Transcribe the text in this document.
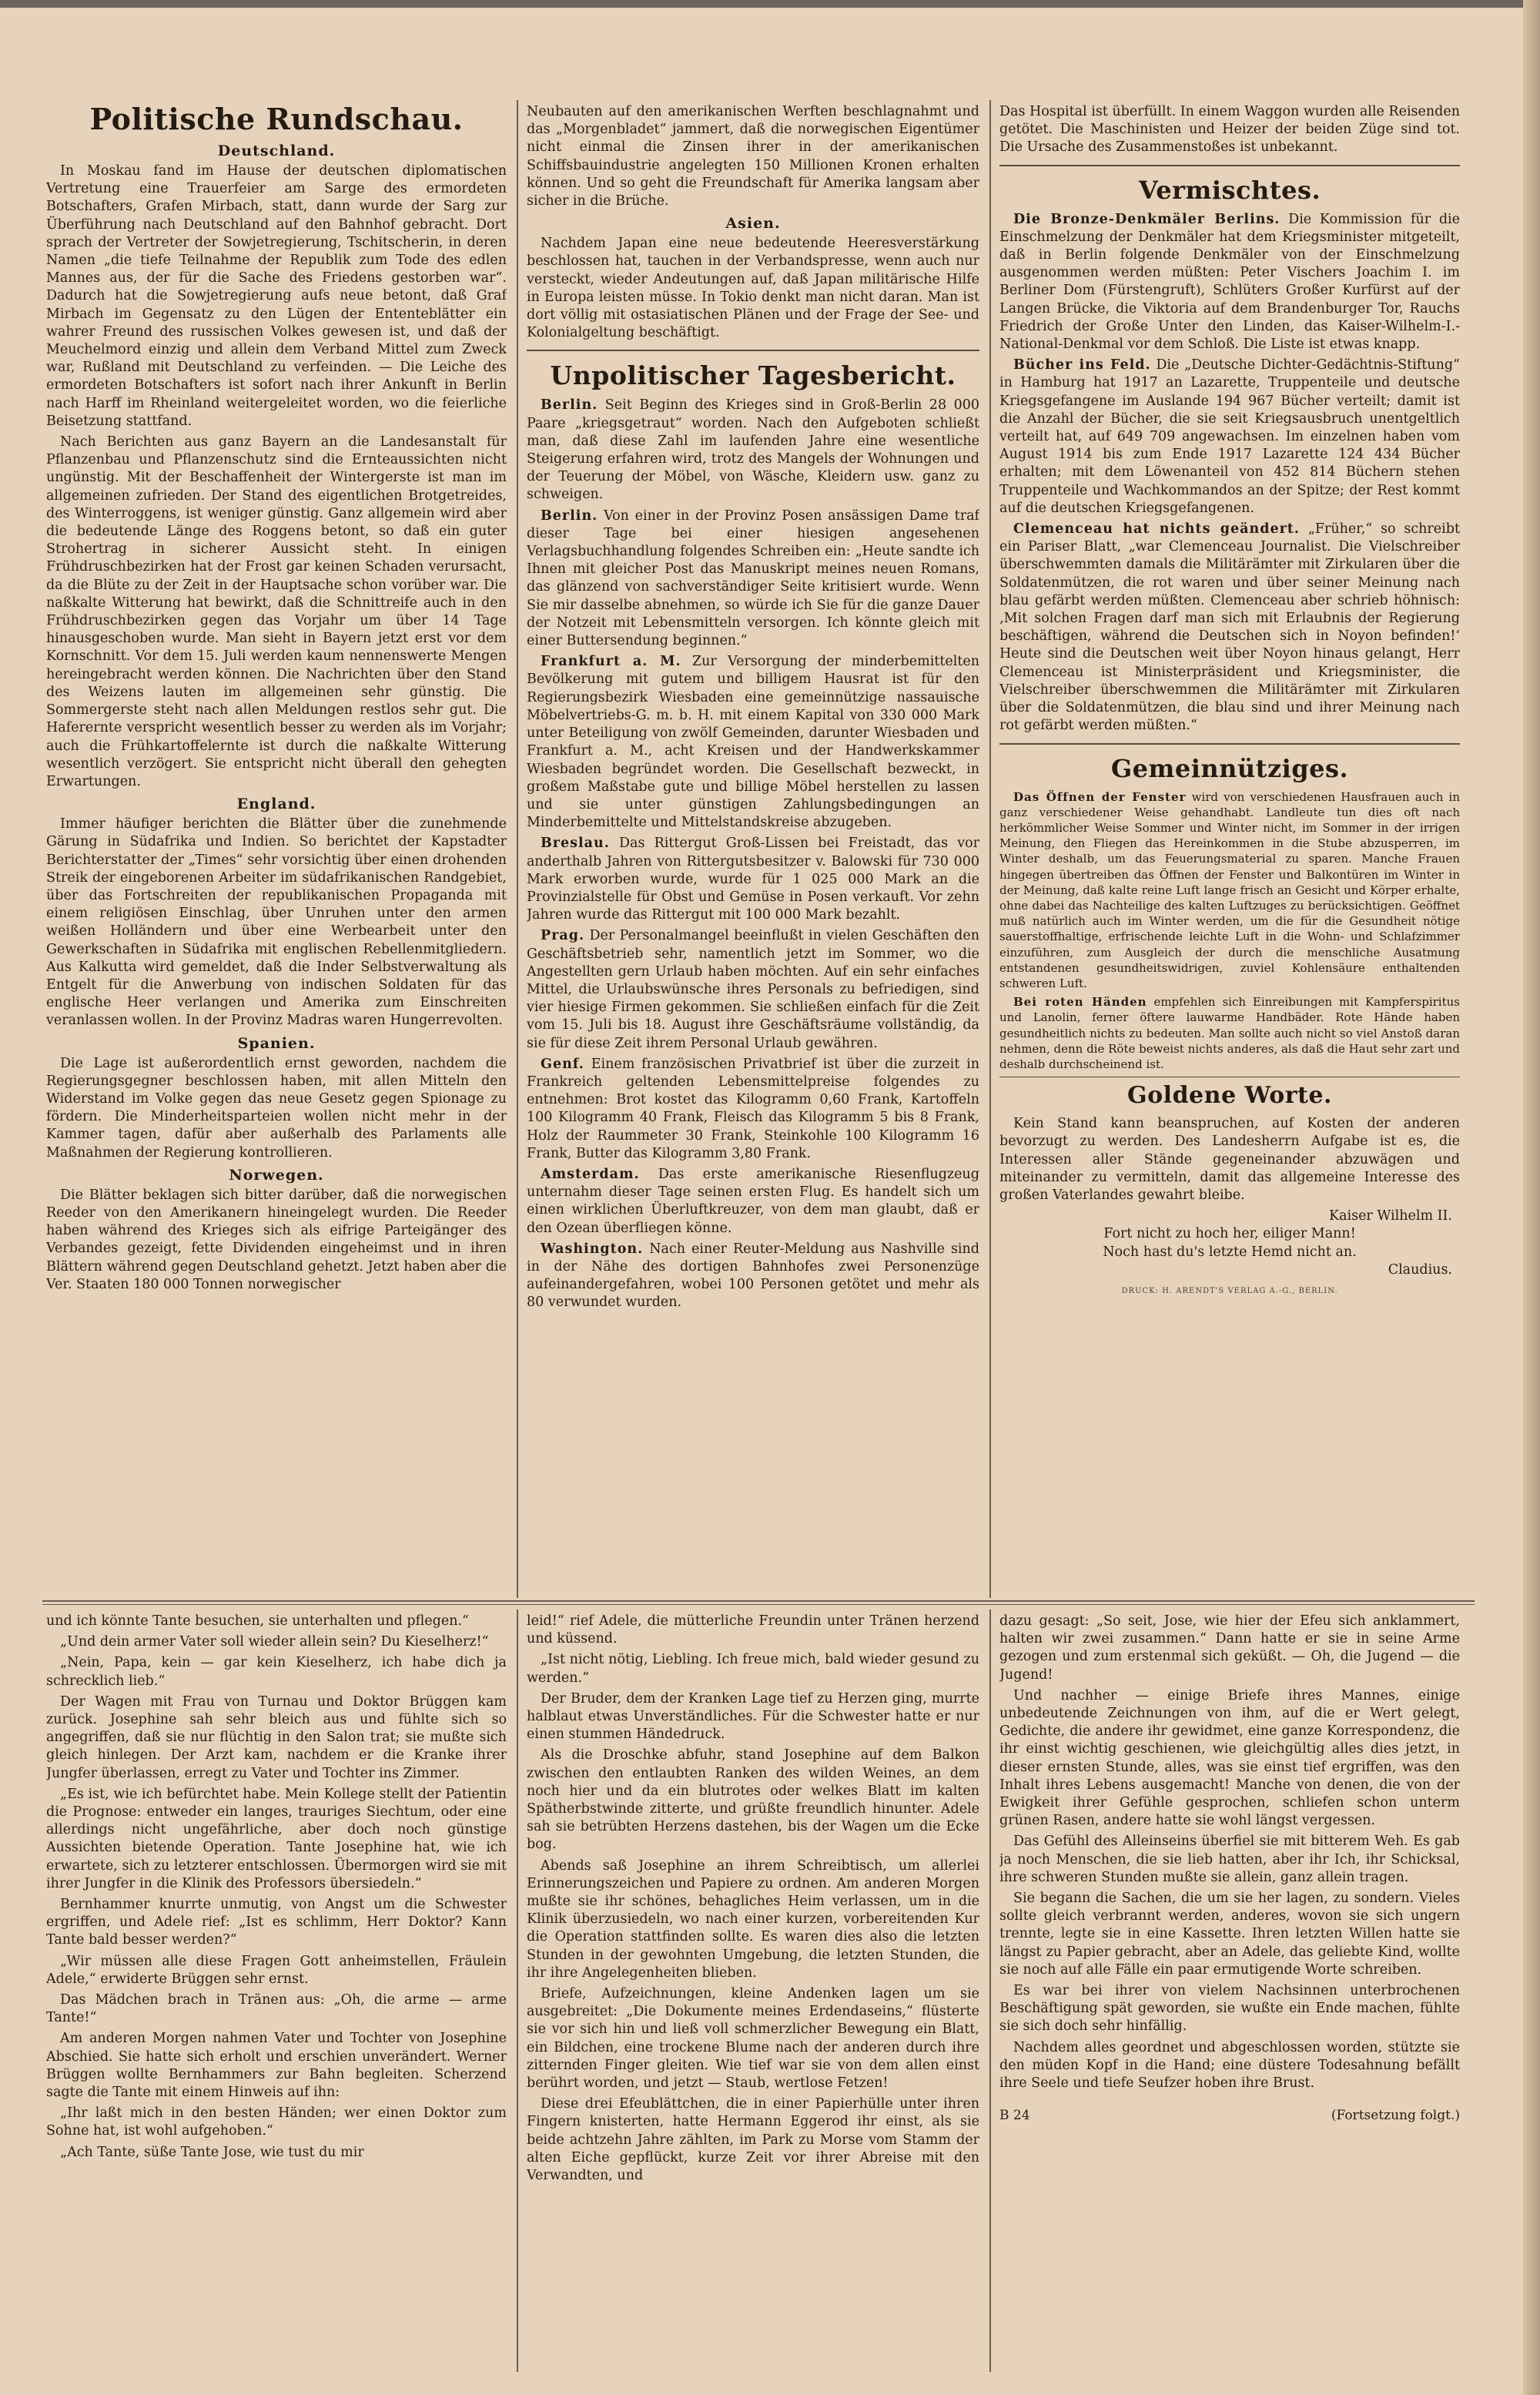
Politische Rundschau.
Deutschland.

In Moskau fand im Hause der deutschen diplomatischen Vertretung eine Trauerfeier am Sarge des ermordeten Botschafters, Grafen Mirbach, statt, dann wurde der Sarg zur Überführung nach Deutschland auf den Bahnhof gebracht. Dort sprach der Vertreter der Sowjetregierung, Tschitscherin, in deren Namen „die tiefe Teilnahme der Republik zum Tode des edlen Mannes aus, der für die Sache des Friedens gestorben war“. Dadurch hat die Sowjetregierung aufs neue betont, daß Graf Mirbach im Gegensatz zu den Lügen der Ententeblätter ein wahrer Freund des russischen Volkes gewesen ist, und daß der Meuchelmord einzig und allein dem Verband Mittel zum Zweck war, Rußland mit Deutschland zu verfeinden. — Die Leiche des ermordeten Botschafters ist sofort nach ihrer Ankunft in Berlin nach Harff im Rheinland weitergeleitet worden, wo die feierliche Beisetzung stattfand.

Nach Berichten aus ganz Bayern an die Landesanstalt für Pflanzenbau und Pflanzenschutz sind die Ernteaussichten nicht ungünstig. Mit der Beschaffenheit der Wintergerste ist man im allgemeinen zufrieden. Der Stand des eigentlichen Brotgetreides, des Winterroggens, ist weniger günstig. Ganz allgemein wird aber die bedeutende Länge des Roggens betont, so daß ein guter Strohertrag in sicherer Aussicht steht. In einigen Frühdruschbezirken hat der Frost gar keinen Schaden verursacht, da die Blüte zu der Zeit in der Hauptsache schon vorüber war. Die naßkalte Witterung hat bewirkt, daß die Schnittreife auch in den Frühdruschbezirken gegen das Vorjahr um über 14 Tage hinausgeschoben wurde. Man sieht in Bayern jetzt erst vor dem Kornschnitt. Vor dem 15. Juli werden kaum nennenswerte Mengen hereingebracht werden können. Die Nachrichten über den Stand des Weizens lauten im allgemeinen sehr günstig. Die Sommergerste steht nach allen Meldungen restlos sehr gut. Die Haferernte verspricht wesentlich besser zu werden als im Vorjahr; auch die Frühkartoffelernte ist durch die naßkalte Witterung wesentlich verzögert. Sie entspricht nicht überall den gehegten Erwartungen.

England.

Immer häufiger berichten die Blätter über die zunehmende Gärung in Südafrika und Indien. So berichtet der Kapstadter Berichterstatter der „Times“ sehr vorsichtig über einen drohenden Streik der eingeborenen Arbeiter im südafrikanischen Randgebiet, über das Fortschreiten der republikanischen Propaganda mit einem religiösen Einschlag, über Unruhen unter den armen weißen Holländern und über eine Werbearbeit unter den Gewerkschaften in Südafrika mit englischen Rebellenmitgliedern. Aus Kalkutta wird gemeldet, daß die Inder Selbstverwaltung als Entgelt für die Anwerbung von indischen Soldaten für das englische Heer verlangen und Amerika zum Einschreiten veranlassen wollen. In der Provinz Madras waren Hungerrevolten.

Spanien.

Die Lage ist außerordentlich ernst geworden, nachdem die Regierungsgegner beschlossen haben, mit allen Mitteln den Widerstand im Volke gegen das neue Gesetz gegen Spionage zu fördern. Die Minderheitsparteien wollen nicht mehr in der Kammer tagen, dafür aber außerhalb des Parlaments alle Maßnahmen der Regierung kontrollieren.

Norwegen.

Die Blätter beklagen sich bitter darüber, daß die norwegischen Reeder von den Amerikanern hineingelegt wurden. Die Reeder haben während des Krieges sich als eifrige Parteigänger des Verbandes gezeigt, fette Dividenden eingeheimst und in ihren Blättern während gegen Deutschland gehetzt. Jetzt haben aber die Ver. Staaten 180 000 Tonnen norwegischer

Neubauten auf den amerikanischen Werften beschlagnahmt und das „Morgenbladet“ jammert, daß die norwegischen Eigentümer nicht einmal die Zinsen ihrer in der amerikanischen Schiffsbauindustrie angelegten 150 Millionen Kronen erhalten können. Und so geht die Freundschaft für Amerika langsam aber sicher in die Brüche.

Asien.

Nachdem Japan eine neue bedeutende Heeresverstärkung beschlossen hat, tauchen in der Verbandspresse, wenn auch nur versteckt, wieder Andeutungen auf, daß Japan militärische Hilfe in Europa leisten müsse. In Tokio denkt man nicht daran. Man ist dort völlig mit ostasiatischen Plänen und der Frage der See- und Kolonialgeltung beschäftigt.

Unpolitischer Tagesbericht.

Berlin. Seit Beginn des Krieges sind in Groß-Berlin 28 000 Paare „kriegsgetraut“ worden. Nach den Aufgeboten schließt man, daß diese Zahl im laufenden Jahre eine wesentliche Steigerung erfahren wird, trotz des Mangels der Wohnungen und der Teuerung der Möbel, von Wäsche, Kleidern usw. ganz zu schweigen.

Berlin. Von einer in der Provinz Posen ansässigen Dame traf dieser Tage bei einer hiesigen angesehenen Verlagsbuchhandlung folgendes Schreiben ein: „Heute sandte ich Ihnen mit gleicher Post das Manuskript meines neuen Romans, das glänzend von sachverständiger Seite kritisiert wurde. Wenn Sie mir dasselbe abnehmen, so würde ich Sie für die ganze Dauer der Notzeit mit Lebensmitteln versorgen. Ich könnte gleich mit einer Buttersendung beginnen.“

Frankfurt a. M. Zur Versorgung der minderbemittelten Bevölkerung mit gutem und billigem Hausrat ist für den Regierungsbezirk Wiesbaden eine gemeinnützige nassauische Möbelvertriebs-G. m. b. H. mit einem Kapital von 330 000 Mark unter Beteiligung von zwölf Gemeinden, darunter Wiesbaden und Frankfurt a. M., acht Kreisen und der Handwerkskammer Wiesbaden begründet worden. Die Gesellschaft bezweckt, in großem Maßstabe gute und billige Möbel herstellen zu lassen und sie unter günstigen Zahlungsbedingungen an Minderbemittelte und Mittelstandskreise abzugeben.

Breslau. Das Rittergut Groß-Lissen bei Freistadt, das vor anderthalb Jahren von Rittergutsbesitzer v. Balowski für 730 000 Mark erworben wurde, wurde für 1 025 000 Mark an die Provinzialstelle für Obst und Gemüse in Posen verkauft. Vor zehn Jahren wurde das Rittergut mit 100 000 Mark bezahlt.

Prag. Der Personalmangel beeinflußt in vielen Geschäften den Geschäftsbetrieb sehr, namentlich jetzt im Sommer, wo die Angestellten gern Urlaub haben möchten. Auf ein sehr einfaches Mittel, die Urlaubswünsche ihres Personals zu befriedigen, sind vier hiesige Firmen gekommen. Sie schließen einfach für die Zeit vom 15. Juli bis 18. August ihre Geschäftsräume vollständig, da sie für diese Zeit ihrem Personal Urlaub gewähren.

Genf. Einem französischen Privatbrief ist über die zurzeit in Frankreich geltenden Lebensmittelpreise folgendes zu entnehmen: Brot kostet das Kilogramm 0,60 Frank, Kartoffeln 100 Kilogramm 40 Frank, Fleisch das Kilogramm 5 bis 8 Frank, Holz der Raummeter 30 Frank, Steinkohle 100 Kilogramm 16 Frank, Butter das Kilogramm 3,80 Frank.

Amsterdam. Das erste amerikanische Riesenflugzeug unternahm dieser Tage seinen ersten Flug. Es handelt sich um einen wirklichen Überluftkreuzer, von dem man glaubt, daß er den Ozean überfliegen könne.

Washington. Nach einer Reuter-Meldung aus Nashville sind in der Nähe des dortigen Bahnhofes zwei Personenzüge aufeinandergefahren, wobei 100 Personen getötet und mehr als 80 verwundet wurden.

Das Hospital ist überfüllt. In einem Waggon wurden alle Reisenden getötet. Die Maschinisten und Heizer der beiden Züge sind tot. Die Ursache des Zusammenstoßes ist unbekannt.

Vermischtes.

Die Bronze-Denkmäler Berlins. Die Kommission für die Einschmelzung der Denkmäler hat dem Kriegsminister mitgeteilt, daß in Berlin folgende Denkmäler von der Einschmelzung ausgenommen werden müßten: Peter Vischers Joachim I. im Berliner Dom (Fürstengruft), Schlüters Großer Kurfürst auf der Langen Brücke, die Viktoria auf dem Brandenburger Tor, Rauchs Friedrich der Große Unter den Linden, das Kaiser-Wilhelm-I.-National-Denkmal vor dem Schloß. Die Liste ist etwas knapp.

Bücher ins Feld. Die „Deutsche Dichter-Gedächtnis-Stiftung“ in Hamburg hat 1917 an Lazarette, Truppenteile und deutsche Kriegsgefangene im Auslande 194 967 Bücher verteilt; damit ist die Anzahl der Bücher, die sie seit Kriegsausbruch unentgeltlich verteilt hat, auf 649 709 angewachsen. Im einzelnen haben vom August 1914 bis zum Ende 1917 Lazarette 124 434 Bücher erhalten; mit dem Löwenanteil von 452 814 Büchern stehen Truppenteile und Wachkommandos an der Spitze; der Rest kommt auf die deutschen Kriegsgefangenen.

Clemenceau hat nichts geändert. „Früher,“ so schreibt ein Pariser Blatt, „war Clemenceau Journalist. Die Vielschreiber überschwemmten damals die Militärämter mit Zirkularen über die Soldatenmützen, die rot waren und über seiner Meinung nach blau gefärbt werden müßten. Clemenceau aber schrieb höhnisch: ‚Mit solchen Fragen darf man sich mit Erlaubnis der Regierung beschäftigen, während die Deutschen sich in Noyon befinden!‘ Heute sind die Deutschen weit über Noyon hinaus gelangt, Herr Clemenceau ist Ministerpräsident und Kriegsminister, die Vielschreiber überschwemmen die Militärämter mit Zirkularen über die Soldatenmützen, die blau sind und ihrer Meinung nach rot gefärbt werden müßten.“

Gemeinnütziges.

Das Öffnen der Fenster wird von verschiedenen Hausfrauen auch in ganz verschiedener Weise gehandhabt. Landleute tun dies oft nach herkömmlicher Weise Sommer und Winter nicht, im Sommer in der irrigen Meinung, den Fliegen das Hereinkommen in die Stube abzusperren, im Winter deshalb, um das Feuerungsmaterial zu sparen. Manche Frauen hingegen übertreiben das Öffnen der Fenster und Balkontüren im Winter in der Meinung, daß kalte reine Luft lange frisch an Gesicht und Körper erhalte, ohne dabei das Nachteilige des kalten Luftzuges zu berücksichtigen. Geöffnet muß natürlich auch im Winter werden, um die für die Gesundheit nötige sauerstoffhaltige, erfrischende leichte Luft in die Wohn- und Schlafzimmer einzuführen, zum Ausgleich der durch die menschliche Ausatmung entstandenen gesundheitswidrigen, zuviel Kohlensäure enthaltenden schweren Luft.

Bei roten Händen empfehlen sich Einreibungen mit Kampferspiritus und Lanolin, ferner öftere lauwarme Handbäder. Rote Hände haben gesundheitlich nichts zu bedeuten. Man sollte auch nicht so viel Anstoß daran nehmen, denn die Röte beweist nichts anderes, als daß die Haut sehr zart und deshalb durchscheinend ist.

Goldene Worte.

Kein Stand kann beanspruchen, auf Kosten der anderen bevorzugt zu werden. Des Landesherrn Aufgabe ist es, die Interessen aller Stände gegeneinander abzuwägen und miteinander zu vermitteln, damit das allgemeine Interesse des großen Vaterlandes gewahrt bleibe.

Kaiser Wilhelm II.
Fort nicht zu hoch her, eiliger Mann!
Noch hast du's letzte Hemd nicht an.
Claudius.
DRUCK: H. ARENDT'S VERLAG A.-G., BERLIN.

und ich könnte Tante besuchen, sie unterhalten und pflegen.“

„Und dein armer Vater soll wieder allein sein? Du Kieselherz!“

„Nein, Papa, kein — gar kein Kieselherz, ich habe dich ja schrecklich lieb.“

Der Wagen mit Frau von Turnau und Doktor Brüggen kam zurück. Josephine sah sehr bleich aus und fühlte sich so angegriffen, daß sie nur flüchtig in den Salon trat; sie mußte sich gleich hinlegen. Der Arzt kam, nachdem er die Kranke ihrer Jungfer überlassen, erregt zu Vater und Tochter ins Zimmer.

„Es ist, wie ich befürchtet habe. Mein Kollege stellt der Patientin die Prognose: entweder ein langes, trauriges Siechtum, oder eine allerdings nicht ungefährliche, aber doch noch günstige Aussichten bietende Operation. Tante Josephine hat, wie ich erwartete, sich zu letzterer entschlossen. Übermorgen wird sie mit ihrer Jungfer in die Klinik des Professors übersiedeln.“

Bernhammer knurrte unmutig, von Angst um die Schwester ergriffen, und Adele rief: „Ist es schlimm, Herr Doktor? Kann Tante bald besser werden?“

„Wir müssen alle diese Fragen Gott anheimstellen, Fräulein Adele,“ erwiderte Brüggen sehr ernst.

Das Mädchen brach in Tränen aus: „Oh, die arme — arme Tante!“

Am anderen Morgen nahmen Vater und Tochter von Josephine Abschied. Sie hatte sich erholt und erschien unverändert. Werner Brüggen wollte Bernhammers zur Bahn begleiten. Scherzend sagte die Tante mit einem Hinweis auf ihn:

„Ihr laßt mich in den besten Händen; wer einen Doktor zum Sohne hat, ist wohl aufgehoben.“

„Ach Tante, süße Tante Jose, wie tust du mir

leid!“ rief Adele, die mütterliche Freundin unter Tränen herzend und küssend.

„Ist nicht nötig, Liebling. Ich freue mich, bald wieder gesund zu werden.“

Der Bruder, dem der Kranken Lage tief zu Herzen ging, murrte halblaut etwas Unverständliches. Für die Schwester hatte er nur einen stummen Händedruck.

Als die Droschke abfuhr, stand Josephine auf dem Balkon zwischen den entlaubten Ranken des wilden Weines, an dem noch hier und da ein blutrotes oder welkes Blatt im kalten Spätherbstwinde zitterte, und grüßte freundlich hinunter. Adele sah sie betrübten Herzens dastehen, bis der Wagen um die Ecke bog.

Abends saß Josephine an ihrem Schreibtisch, um allerlei Erinnerungszeichen und Papiere zu ordnen. Am anderen Morgen mußte sie ihr schönes, behagliches Heim verlassen, um in die Klinik überzusiedeln, wo nach einer kurzen, vorbereitenden Kur die Operation stattfinden sollte. Es waren dies also die letzten Stunden in der gewohnten Umgebung, die letzten Stunden, die ihr ihre Angelegenheiten blieben.

Briefe, Aufzeichnungen, kleine Andenken lagen um sie ausgebreitet: „Die Dokumente meines Erdendaseins,“ flüsterte sie vor sich hin und ließ voll schmerzlicher Bewegung ein Blatt, ein Bildchen, eine trockene Blume nach der anderen durch ihre zitternden Finger gleiten. Wie tief war sie von dem allen einst berührt worden, und jetzt — Staub, wertlose Fetzen!

Diese drei Efeublättchen, die in einer Papierhülle unter ihren Fingern knisterten, hatte Hermann Eggerod ihr einst, als sie beide achtzehn Jahre zählten, im Park zu Morse vom Stamm der alten Eiche gepflückt, kurze Zeit vor ihrer Abreise mit den Verwandten, und

dazu gesagt: „So seit, Jose, wie hier der Efeu sich anklammert, halten wir zwei zusammen.“ Dann hatte er sie in seine Arme gezogen und zum erstenmal sich geküßt. — Oh, die Jugend — die Jugend!

Und nachher — einige Briefe ihres Mannes, einige unbedeutende Zeichnungen von ihm, auf die er Wert gelegt, Gedichte, die andere ihr gewidmet, eine ganze Korrespondenz, die ihr einst wichtig geschienen, wie gleichgültig alles dies jetzt, in dieser ernsten Stunde, alles, was sie einst tief ergriffen, was den Inhalt ihres Lebens ausgemacht! Manche von denen, die von der Ewigkeit ihrer Gefühle gesprochen, schliefen schon unterm grünen Rasen, andere hatte sie wohl längst vergessen.

Das Gefühl des Alleinseins überfiel sie mit bitterem Weh. Es gab ja noch Menschen, die sie lieb hatten, aber ihr Ich, ihr Schicksal, ihre schweren Stunden mußte sie allein, ganz allein tragen.

Sie begann die Sachen, die um sie her lagen, zu sondern. Vieles sollte gleich verbrannt werden, anderes, wovon sie sich ungern trennte, legte sie in eine Kassette. Ihren letzten Willen hatte sie längst zu Papier gebracht, aber an Adele, das geliebte Kind, wollte sie noch auf alle Fälle ein paar ermutigende Worte schreiben.

Es war bei ihrer von vielem Nachsinnen unterbrochenen Beschäftigung spät geworden, sie wußte ein Ende machen, fühlte sie sich doch sehr hinfällig.

Nachdem alles geordnet und abgeschlossen worden, stützte sie den müden Kopf in die Hand; eine düstere Todesahnung befällt ihre Seele und tiefe Seufzer hoben ihre Brust.

B 24	(Fortsetzung folgt.)
